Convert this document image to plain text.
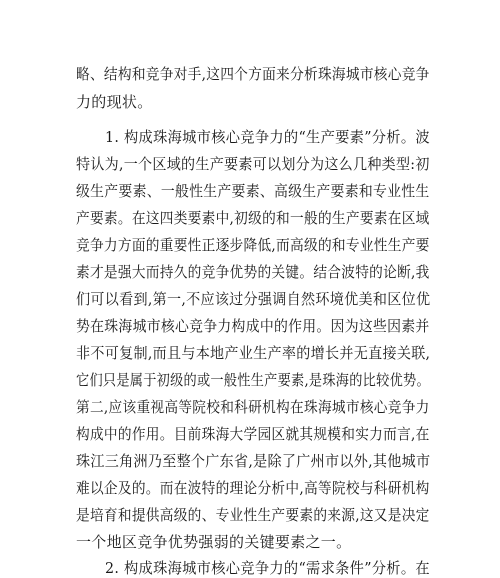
略、结构和竞争对手,这四个方面来分析珠海城市核心竞争
力的现状。
1. 构成珠海城市核心竞争力的“生产要素”分析。波
特认为,一个区域的生产要素可以划分为这么几种类型:初
级生产要素、一般性生产要素、高级生产要素和专业性生
产要素。在这四类要素中,初级的和一般的生产要素在区域
竞争力方面的重要性正逐步降低,而高级的和专业性生产要
素才是强大而持久的竞争优势的关键。结合波特的论断,我
们可以看到,第一,不应该过分强调自然环境优美和区位优
势在珠海城市核心竞争力构成中的作用。因为这些因素并
非不可复制,而且与本地产业生产率的增长并无直接关联,
它们只是属于初级的或一般性生产要素,是珠海的比较优势。
第二,应该重视高等院校和科研机构在珠海城市核心竞争力
构成中的作用。目前珠海大学园区就其规模和实力而言,在
珠江三角洲乃至整个广东省,是除了广州市以外,其他城市
难以企及的。而在波特的理论分析中,高等院校与科研机构
是培育和提供高级的、专业性生产要素的来源,这又是决定
一个地区竞争优势强弱的关键要素之一。
2. 构成珠海城市核心竞争力的“需求条件”分析。在
